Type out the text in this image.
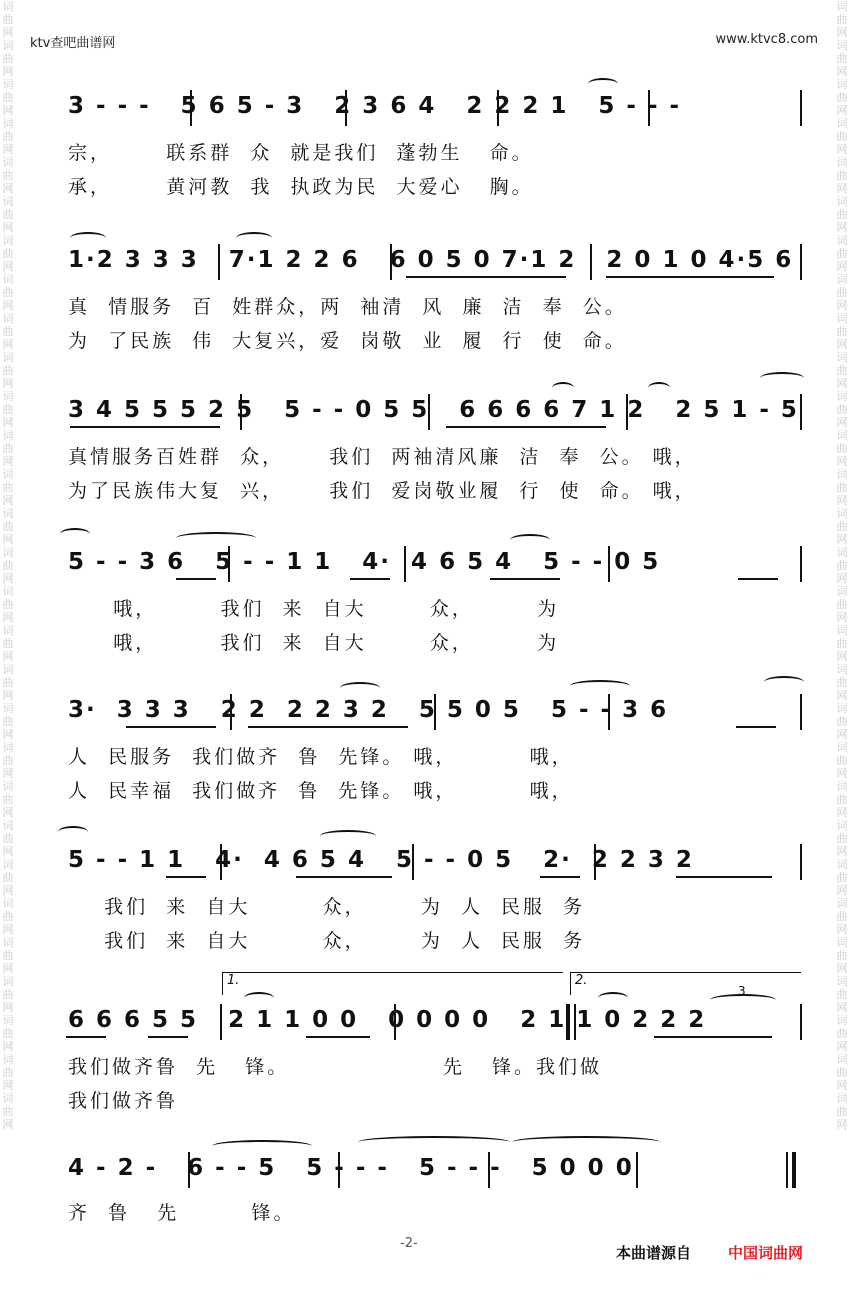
词曲网词曲网词曲网词曲网词曲网词曲网词曲网词曲网词曲网词曲网词曲网词曲网词曲网词曲网词曲网词曲网词曲网词曲网词曲网词曲网词曲网词曲网词曲网词曲网词曲网词曲网词曲网词曲网词曲网
词曲网词曲网词曲网词曲网词曲网词曲网词曲网词曲网词曲网词曲网词曲网词曲网词曲网词曲网词曲网词曲网词曲网词曲网词曲网词曲网词曲网词曲网词曲网词曲网词曲网词曲网词曲网词曲网词曲网
ktv查吧曲谱网	www.ktvc8.com
3 - - -   5 6 5 - 3   2 3 6 4   2 2 2 1   5 - - -
宗，      联系群  众  就是我们  蓬勃生   命。
承，      黄河教  我  执政为民  大爱心   胸。
1·2 3 3 3   7·1 2 2 6   6 0 5 0 7·1 2   2 0 1 0 4·5 6
真  情服务  百  姓群众，两  袖清  风  廉  洁  奉  公。
为  了民族  伟  大复兴，爱  岗敬  业  履  行  使  命。
3 4 5 5 5 2 5   5 - - 0 5 5   6 6 6 6 7 1 2   2 5 1 - 5
真情服务百姓群  众，     我们  两袖清风廉  洁  奉  公。 哦，
为了民族伟大复  兴，     我们  爱岗敬业履  行  使  命。 哦，
5 - - 3 6   5 - - 1 1   4·  4 6 5 4   5 - - 0 5
哦，       我们  来  自大       众，       为
哦，       我们  来  自大       众，       为
3·  3 3 3   2 2  2 2 3 2   5 5 0 5   5 - - 3 6
人  民服务  我们做齐  鲁  先锋。 哦，        哦，
人  民幸福  我们做齐  鲁  先锋。 哦，        哦，
5 - - 1 1   4·  4 6 5 4   5 - - 0 5   2·  2 2 3 2
我们  来  自大        众，      为  人  民服  务
我们  来  自大        众，      为  人  民服  务
1.	2.
6 6 6 5 5   2 1 1 0 0   0 0 0 0   2 1 1 0 2 2 2
3
我们做齐鲁  先   锋。                 先   锋。我们做
我们做齐鲁
4 - 2 -   6 - - 5   5 - - -   5 - - -   5 0 0 0
齐  鲁   先        锋。
-2-
本曲谱源自 中国词曲网
